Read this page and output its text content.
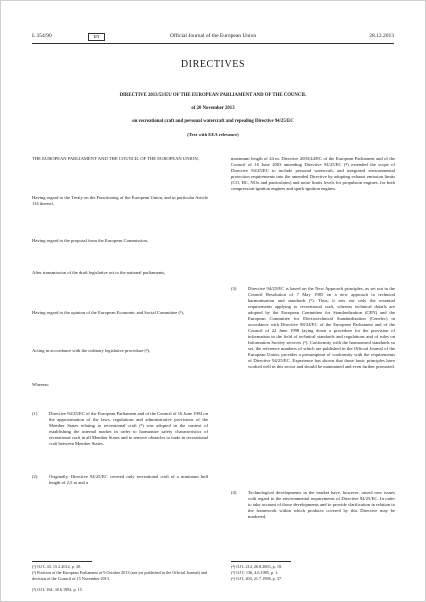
L 354/90	EN	Official Journal of the European Union	28.12.2013
DIRECTIVES
DIRECTIVE 2013/53/EU OF THE EUROPEAN PARLIAMENT AND OF THE COUNCIL
of 20 November 2013
on recreational craft and personal watercraft and repealing Directive 94/25/EC
(Text with EEA relevance)
THE EUROPEAN PARLIAMENT AND THE COUNCIL OF THE EUROPEAN UNION,
Having regard to the Treaty on the Functioning of the European Union, and in particular Article 114 thereof,
Having regard to the proposal from the European Commission,
After transmission of the draft legislative act to the national parliaments,
Having regard to the opinion of the European Economic and Social Committee (¹),
Acting in accordance with the ordinary legislative procedure (²),
Whereas:
(1)	Directive 94/25/EC of the European Parliament and of the Council of 16 June 1994 on the approximation of the laws, regulations and administrative provisions of the Member States relating to recreational craft (³) was adopted in the context of establishing the internal market in order to harmonize safety characteristics of recreational craft in all Member States and to remove obstacles to trade in recreational craft between Member States.
(2)	Originally, Directive 94/25/EC covered only recreational craft of a minimum hull length of 2,5 m and a
maximum length of 24 m. Directive 2003/44/EC of the European Parliament and of the Council of 16 June 2003 amending Directive 94/25/EC (⁴) extended the scope of Directive 94/25/EC to include personal watercraft, and integrated environmental protection requirements into the amended Directive by adopting exhaust emission limits (CO, HC, NOx and particulates) and noise limits levels for propulsion engines, for both compression-ignition engines and spark-ignition engines.
(3)	Directive 94/25/EC is based on the New Approach principles, as set out in the Council Resolution of 7 May 1985 on a new approach to technical harmonisation and standards (⁵). Thus, it sets out only the essential requirements applying to recreational craft, whereas technical details are adopted by the European Committee for Standardization (CEN) and the European Committee for Electrotechnical Standardization (Cenelec) in accordance with Directive 98/34/EC of the European Parliament and of the Council of 22 June 1998 laying down a procedure for the provision of information in the field of technical standards and regulations and of rules on Information Society services (⁶). Conformity with the harmonised standards so set, the reference numbers of which are published in the Official Journal of the European Union, provides a presumption of conformity with the requirements of Directive 94/25/EC. Experience has shown that those basic principles have worked well in this sector and should be maintained and even further promoted.
(4)	Technological developments in the market have, however, raised new issues with regard to the environmental requirements of Directive 94/25/EC. In order to take account of those developments and to provide clarification in relation to the framework within which products covered by this Directive may be marketed,
(¹) OJ C 43, 15.2.2012, p. 30.
(²) Position of the European Parliament of 9 October 2013 (not yet published in the Official Journal) and decision of the Council of 15 November 2013.
(³) OJ L 164, 30.6.1994, p. 15.
(⁴) OJ L 214, 26.8.2003, p. 18.
(⁵) OJ C 136, 4.6.1985, p. 1.
(⁶) OJ L 204, 21.7.1998, p. 37.
